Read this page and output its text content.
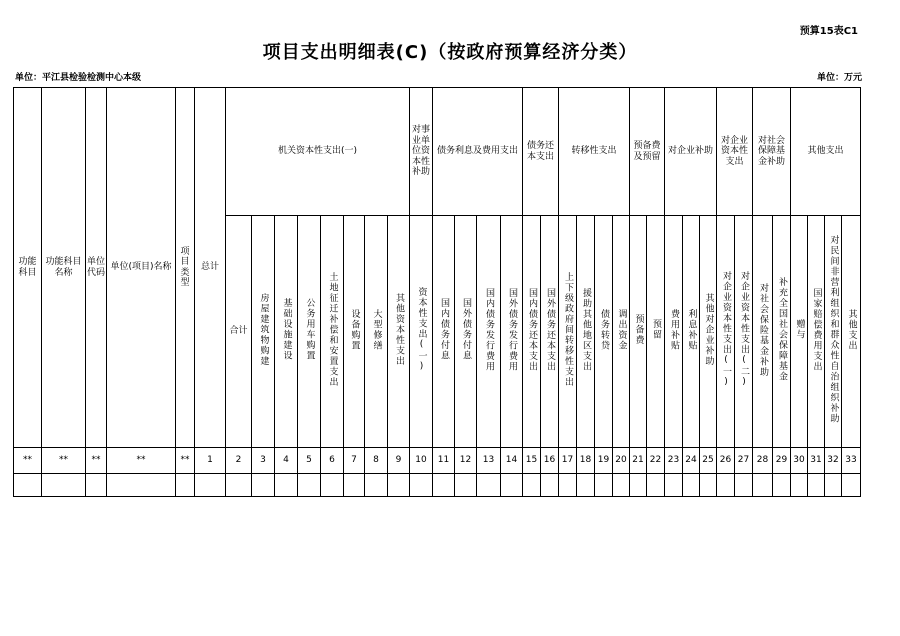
预算15表C1
项目支出明细表(C)（按政府预算经济分类）
单位：平江县检验检测中心本级	单位：万元
功能科目	功能科目名称	单位代码	单位(项目)名称	项目类型	总计	机关资本性支出(一)								对事业单位资本性补助	债务利息及费用支出				债务还本支出		转移性支出				预备费及预留		对企业补助			对企业资本性支出		对社会保障基金补助		其他支出			
						合计	房屋建筑物购建	基础设施建设	公务用车购置	土地征迁补偿和安置支出	设备购置	大型修缮	其他资本性支出	资本性支出(一)	国内债务付息	国外债务付息	国内债务发行费用	国外债务发行费用	国内债务还本支出	国外债务还本支出	上下级政府间转移性支出	援助其他地区支出	债务转贷	调出资金	预备费	预留	费用补贴	利息补贴	其他对企业补助	对企业资本性支出(一)	对企业资本性支出(二)	对社会保险基金补助	补充全国社会保障基金	赠与	国家赔偿费用支出	对民间非营利组织和群众性自治组织补助	其他支出
**	**	**	**	**	1	2	3	4	5	6	7	8	9	10	11	12	13	14	15	16	17	18	19	20	21	22	23	24	25	26	27	28	29	30	31	32	33
